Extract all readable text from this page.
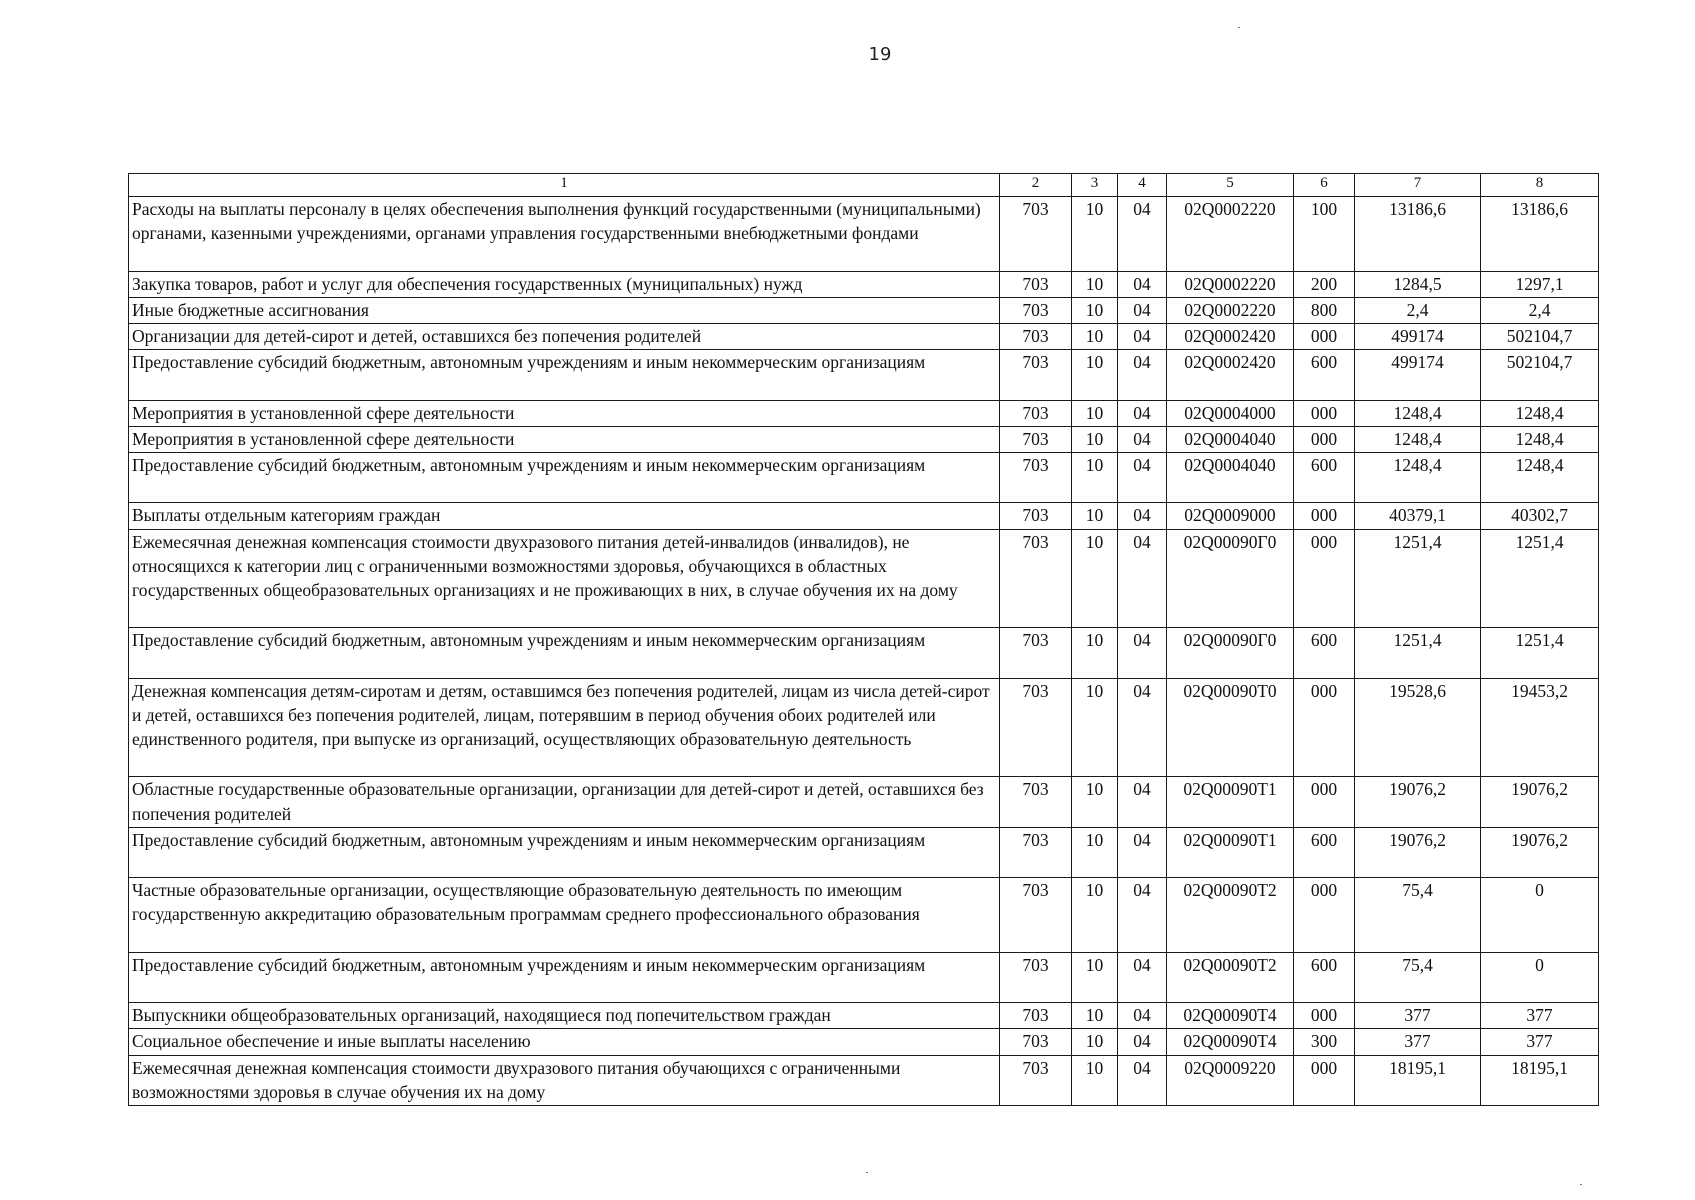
19
1	2	3	4	5	6	7	8
Расходы на выплаты персоналу в целях обеспечения выполнения функций государственными (муниципальными) органами, казенными учреждениями, органами управления государственными внебюджетными фондами	703	10	04	02Q0002220	100	13186,6	13186,6
Закупка товаров, работ и услуг для обеспечения государственных (муниципальных) нужд	703	10	04	02Q0002220	200	1284,5	1297,1
Иные бюджетные ассигнования	703	10	04	02Q0002220	800	2,4	2,4
Организации для детей-сирот и детей, оставшихся без попечения родителей	703	10	04	02Q0002420	000	499174	502104,7
Предоставление субсидий бюджетным, автономным учреждениям и иным некоммерческим организациям	703	10	04	02Q0002420	600	499174	502104,7
Мероприятия в установленной сфере деятельности	703	10	04	02Q0004000	000	1248,4	1248,4
Мероприятия в установленной сфере деятельности	703	10	04	02Q0004040	000	1248,4	1248,4
Предоставление субсидий бюджетным, автономным учреждениям и иным некоммерческим организациям	703	10	04	02Q0004040	600	1248,4	1248,4
Выплаты отдельным категориям граждан	703	10	04	02Q0009000	000	40379,1	40302,7
Ежемесячная денежная компенсация стоимости двухразового питания детей-инвалидов (инвалидов), не относящихся к категории лиц с ограниченными возможностями здоровья, обучающихся в областных государственных общеобразовательных организациях и не проживающих в них, в случае обучения их на дому	703	10	04	02Q00090Г0	000	1251,4	1251,4
Предоставление субсидий бюджетным, автономным учреждениям и иным некоммерческим организациям	703	10	04	02Q00090Г0	600	1251,4	1251,4
Денежная компенсация детям-сиротам и детям, оставшимся без попечения родителей, лицам из числа детей-сирот и детей, оставшихся без попечения родителей, лицам, потерявшим в период обучения обоих родителей или единственного родителя, при выпуске из организаций, осуществляющих образовательную деятельность	703	10	04	02Q00090Т0	000	19528,6	19453,2
Областные государственные образовательные организации, организации для детей-сирот и детей, оставшихся без попечения родителей	703	10	04	02Q00090Т1	000	19076,2	19076,2
Предоставление субсидий бюджетным, автономным учреждениям и иным некоммерческим организациям	703	10	04	02Q00090Т1	600	19076,2	19076,2
Частные образовательные организации, осуществляющие образовательную деятельность по имеющим государственную аккредитацию образовательным программам среднего профессионального образования	703	10	04	02Q00090Т2	000	75,4	0
Предоставление субсидий бюджетным, автономным учреждениям и иным некоммерческим организациям	703	10	04	02Q00090Т2	600	75,4	0
Выпускники общеобразовательных организаций, находящиеся под попечительством граждан	703	10	04	02Q00090Т4	000	377	377
Социальное обеспечение и иные выплаты населению	703	10	04	02Q00090Т4	300	377	377
Ежемесячная денежная компенсация стоимости двухразового питания обучающихся с ограниченными возможностями здоровья в случае обучения их на дому	703	10	04	02Q0009220	000	18195,1	18195,1
